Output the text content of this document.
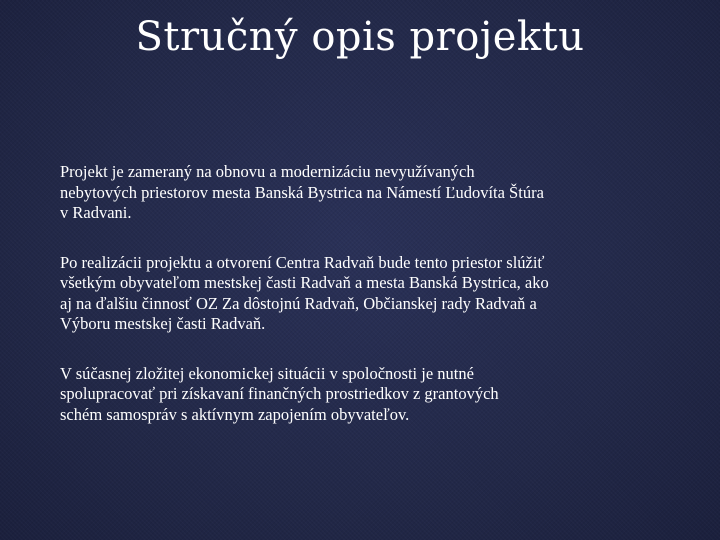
Stručný opis projektu

Projekt je zameraný na obnovu a modernizáciu nevyužívaných
nebytových priestorov mesta Banská Bystrica na Námestí Ľudovíta Štúra
v Radvani.

Po realizácii projektu a otvorení Centra Radvaň bude tento priestor slúžiť
všetkým obyvateľom mestskej časti Radvaň a mesta Banská Bystrica, ako
aj na ďalšiu činnosť OZ Za dôstojnú Radvaň, Občianskej rady Radvaň a
Výboru mestskej časti Radvaň.

V súčasnej zložitej ekonomickej situácii v spoločnosti je nutné
spolupracovať pri získavaní finančných prostriedkov z grantových
schém samospráv s aktívnym zapojením obyvateľov.
